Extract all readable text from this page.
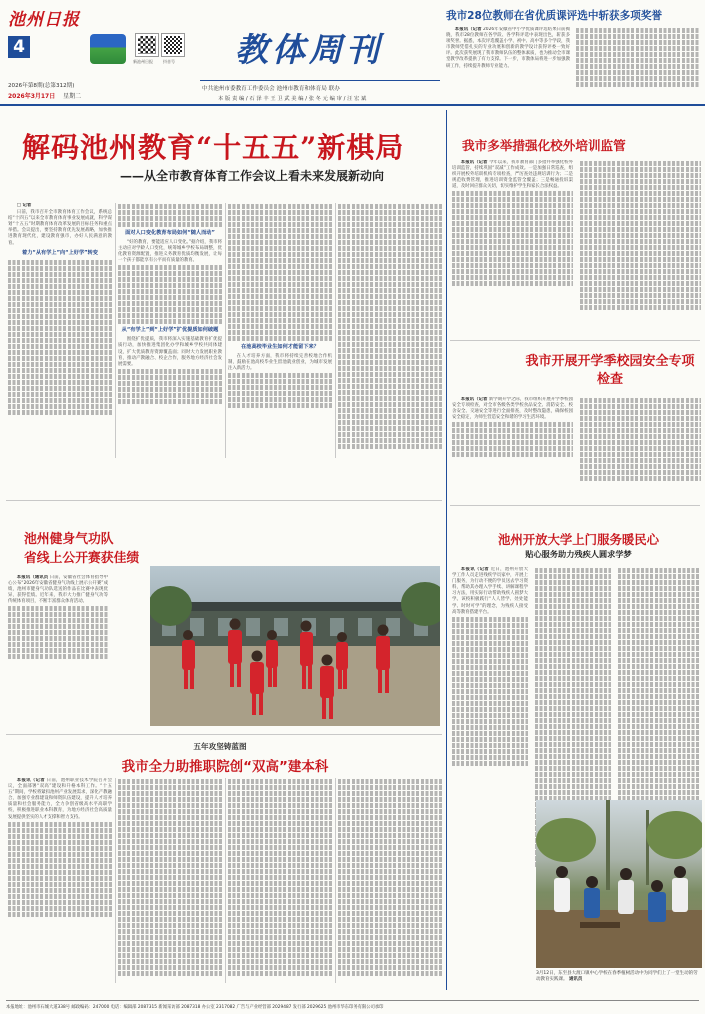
池州日报
4
新池州日报	抖音号 教体周刊
2026年第8期(总第312期)
2026年3月17日 星期二
中共池州市委教育工作委员会 池州市教育和体育局 联办
本 版 责 编 / 石 泽 丰 王 卫 武 美 编 / 张 冬 元 编 审 / 汪 宏 斌
我市28位教师在省优质课评选中斩获多项奖誉

本报讯（记者 2026年安徽省中小学优质课评选结果日前揭晓，我市28位教师在各学段、各学科评选中表现出色，斩获多项奖誉。据悉，本次评选覆盖小学、初中、高中等多个学段，我市教师凭借扎实的专业功底和创新的教学设计获得评委一致好评。此次获奖展现了我市教师队伍的整体素质，也为推动全市课堂教学改革提供了有力支撑。下一步，市教体局将进一步加强教研工作，持续提升教师专业能力。

解码池州教育“十五五”新棋局
——从全市教育体育工作会议上看未来发展新动向

□ 记者

日前，我市召开全市教育体育工作会议，系统总结“十四五”以来全市教育体育事业发展成就，科学谋划“十五五”时期教育体育改革发展的目标任务和重点举措。会议提出，要坚持教育优先发展战略，加快推进教育现代化，建设教育强市，办好人民满意的教育。

着力“从有学上”向“上好学”转变
面对人口变化教育布局如何“随人而动”

“好的教育，要能适应人口变化。”据介绍，我市将主动应对学龄人口变化，统筹城乡学校布局调整，优化教育资源配置，推进义务教育优质均衡发展，让每一个孩子都能享有公平而有质量的教育。

从“有学上”到“上好学”扩优提质如何破题

围绕扩优提质，我市将深入实施基础教育扩优提质行动，加快推进集团化办学和城乡学校共同体建设，扩大优质教育资源覆盖面；同时大力发展职业教育，推动产教融合、校企合作，服务地方经济社会发展需要。

在池高校毕业生如何才能留下来？

在人才培养方面，我市将持续完善校地合作机制，鼓励在池高校毕业生留池就业创业，为城市发展注入新活力。

我市多举措强化校外培训监管

本报讯（记者 今年以来，我市教育部门多措并举强化校外培训监管，持续巩固“双减”工作成效。一是加强日常巡查，组织开展校外培训机构专项检查，严厉查处违规培训行为；二是规范收费管理，推进培训资金监管全覆盖；三是畅通投诉渠道，及时回应群众关切，切实维护学生和家长合法权益。

我市开展开学季校园安全专项检查

本报讯（记者 新学期开学之际，我市组织开展开学季校园安全专项检查，对全市各级各类学校食品安全、消防安全、校舍安全、交通安全等进行全面排查，及时整改隐患，确保校园安全稳定，为师生营造安全和谐的学习生活环境。

池州健身气功队
省线上公开赛获佳绩

本报讯（通讯员 日前，安徽省社会体育指导中心公布“2026年安徽省健身气功线上展示公开赛”成绩，池州市健身气功队选送的作品在比赛中表现优异，获得佳绩。近年来，我市大力推广健身气功等传统体育项目，不断丰富群众体育活动。

五年攻坚铸蓝图
我市全力助推职院创“双高”建本科

本报讯（记者 日前，池州职业技术学院召开会议，全面部署“双高”建设和升格本科工作。“十五五”期间，学校将紧扣池州产业发展需求，深化产教融合，加强专业群建设和师资队伍建设，提升人才培养质量和社会服务能力，全力争创省级高水平高职学校，积极推进职业本科教育，为地方经济社会高质量发展提供坚实的人才支撑和智力支持。

池州开放大学上门服务暖民心
贴心服务助力残疾人圆求学梦

本报讯（记者 近日，池州开放大学工作人员走进残疾学员家中，开展上门服务，为行动不便的学员送去学习资料，帮助其办理入学手续、讲解课程学习方法，用实际行动帮助残疾人圆梦大学。该校积极践行“人人皆学、处处能学、时时可学”的理念，为残疾人接受高等教育搭建平台。

3月12日，东至县大渡口镇中心学校在春季植树活动中为同学们上了一堂生动的劳动教育实践课。 通讯员
本报地址：池州市石城大道338号 邮政编码：247000 电话：编辑部 2087315 新闻采访部 2087318 办公室 2317082 广告与产业经营部 2029487 发行部 2029625 池州市华东印务有限公司承印
